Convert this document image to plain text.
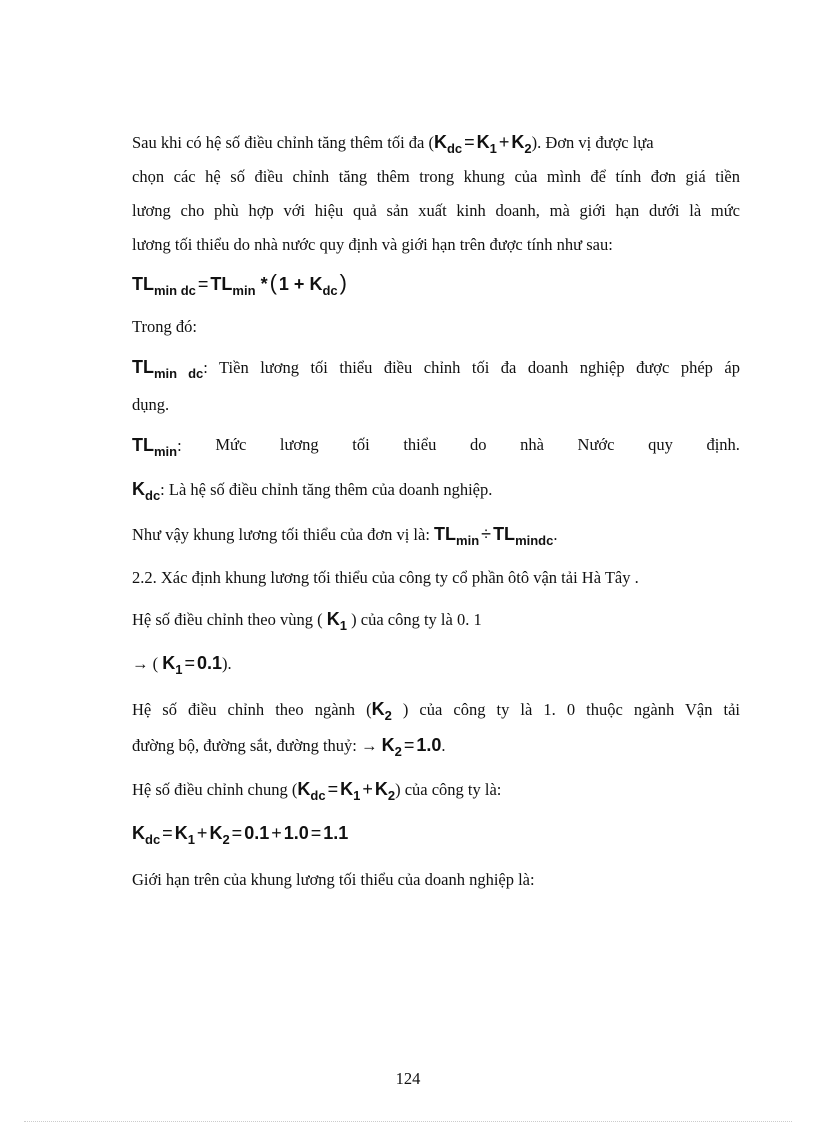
Sau khi có hệ số điều chỉnh tăng thêm tối đa $(K_{dc} = K_1 + K_2)$. Đơn vị được lựa
chọn các hệ số điều chỉnh tăng thêm trong khung của mình để tính đơn giá tiền
lương cho phù hợp với hiệu quả sản xuất kinh doanh, mà giới hạn dưới là mức
lương tối thiểu do nhà nước quy định và giới hạn trên được tính như sau:
$TL_{min dc} = TL_{min}$ *( $1 + K_{dc}$)
Trong đó:
$TL_{min dc}$: Tiền lương tối thiểu điều chỉnh tối đa doanh nghiệp được phép áp
dụng.
$TL_{min}$: Mức lương tối thiểu do nhà Nước quy định.
$K_{dc}$: Là hệ số điều chỉnh tăng thêm của doanh nghiệp.
Như vậy khung lương tối thiểu của đơn vị là: $TL_{min} \div TL_{mindc}$.
2.2. Xác định khung lương tối thiểu của công ty cổ phần ôtô vận tải Hà Tây .
Hệ số điều chỉnh theo vùng ( $K_1$ ) của công ty là 0. 1
→ ( $K_1 = 0.1$).
Hệ số điều chỉnh theo ngành ($K_2$ ) của công ty là 1. 0 thuộc ngành Vận tải
đường bộ, đường sắt, đường thuỷ: → $K_2 = 1.0$.
Hệ số điều chỉnh chung $(K_{dc} = K_1 + K_2)$ của công ty là:
$K_{dc} = K_1 + K_2 = 0.1 + 1.0 = 1.1$
Giới hạn trên của khung lương tối thiểu của doanh nghiệp là:
124
